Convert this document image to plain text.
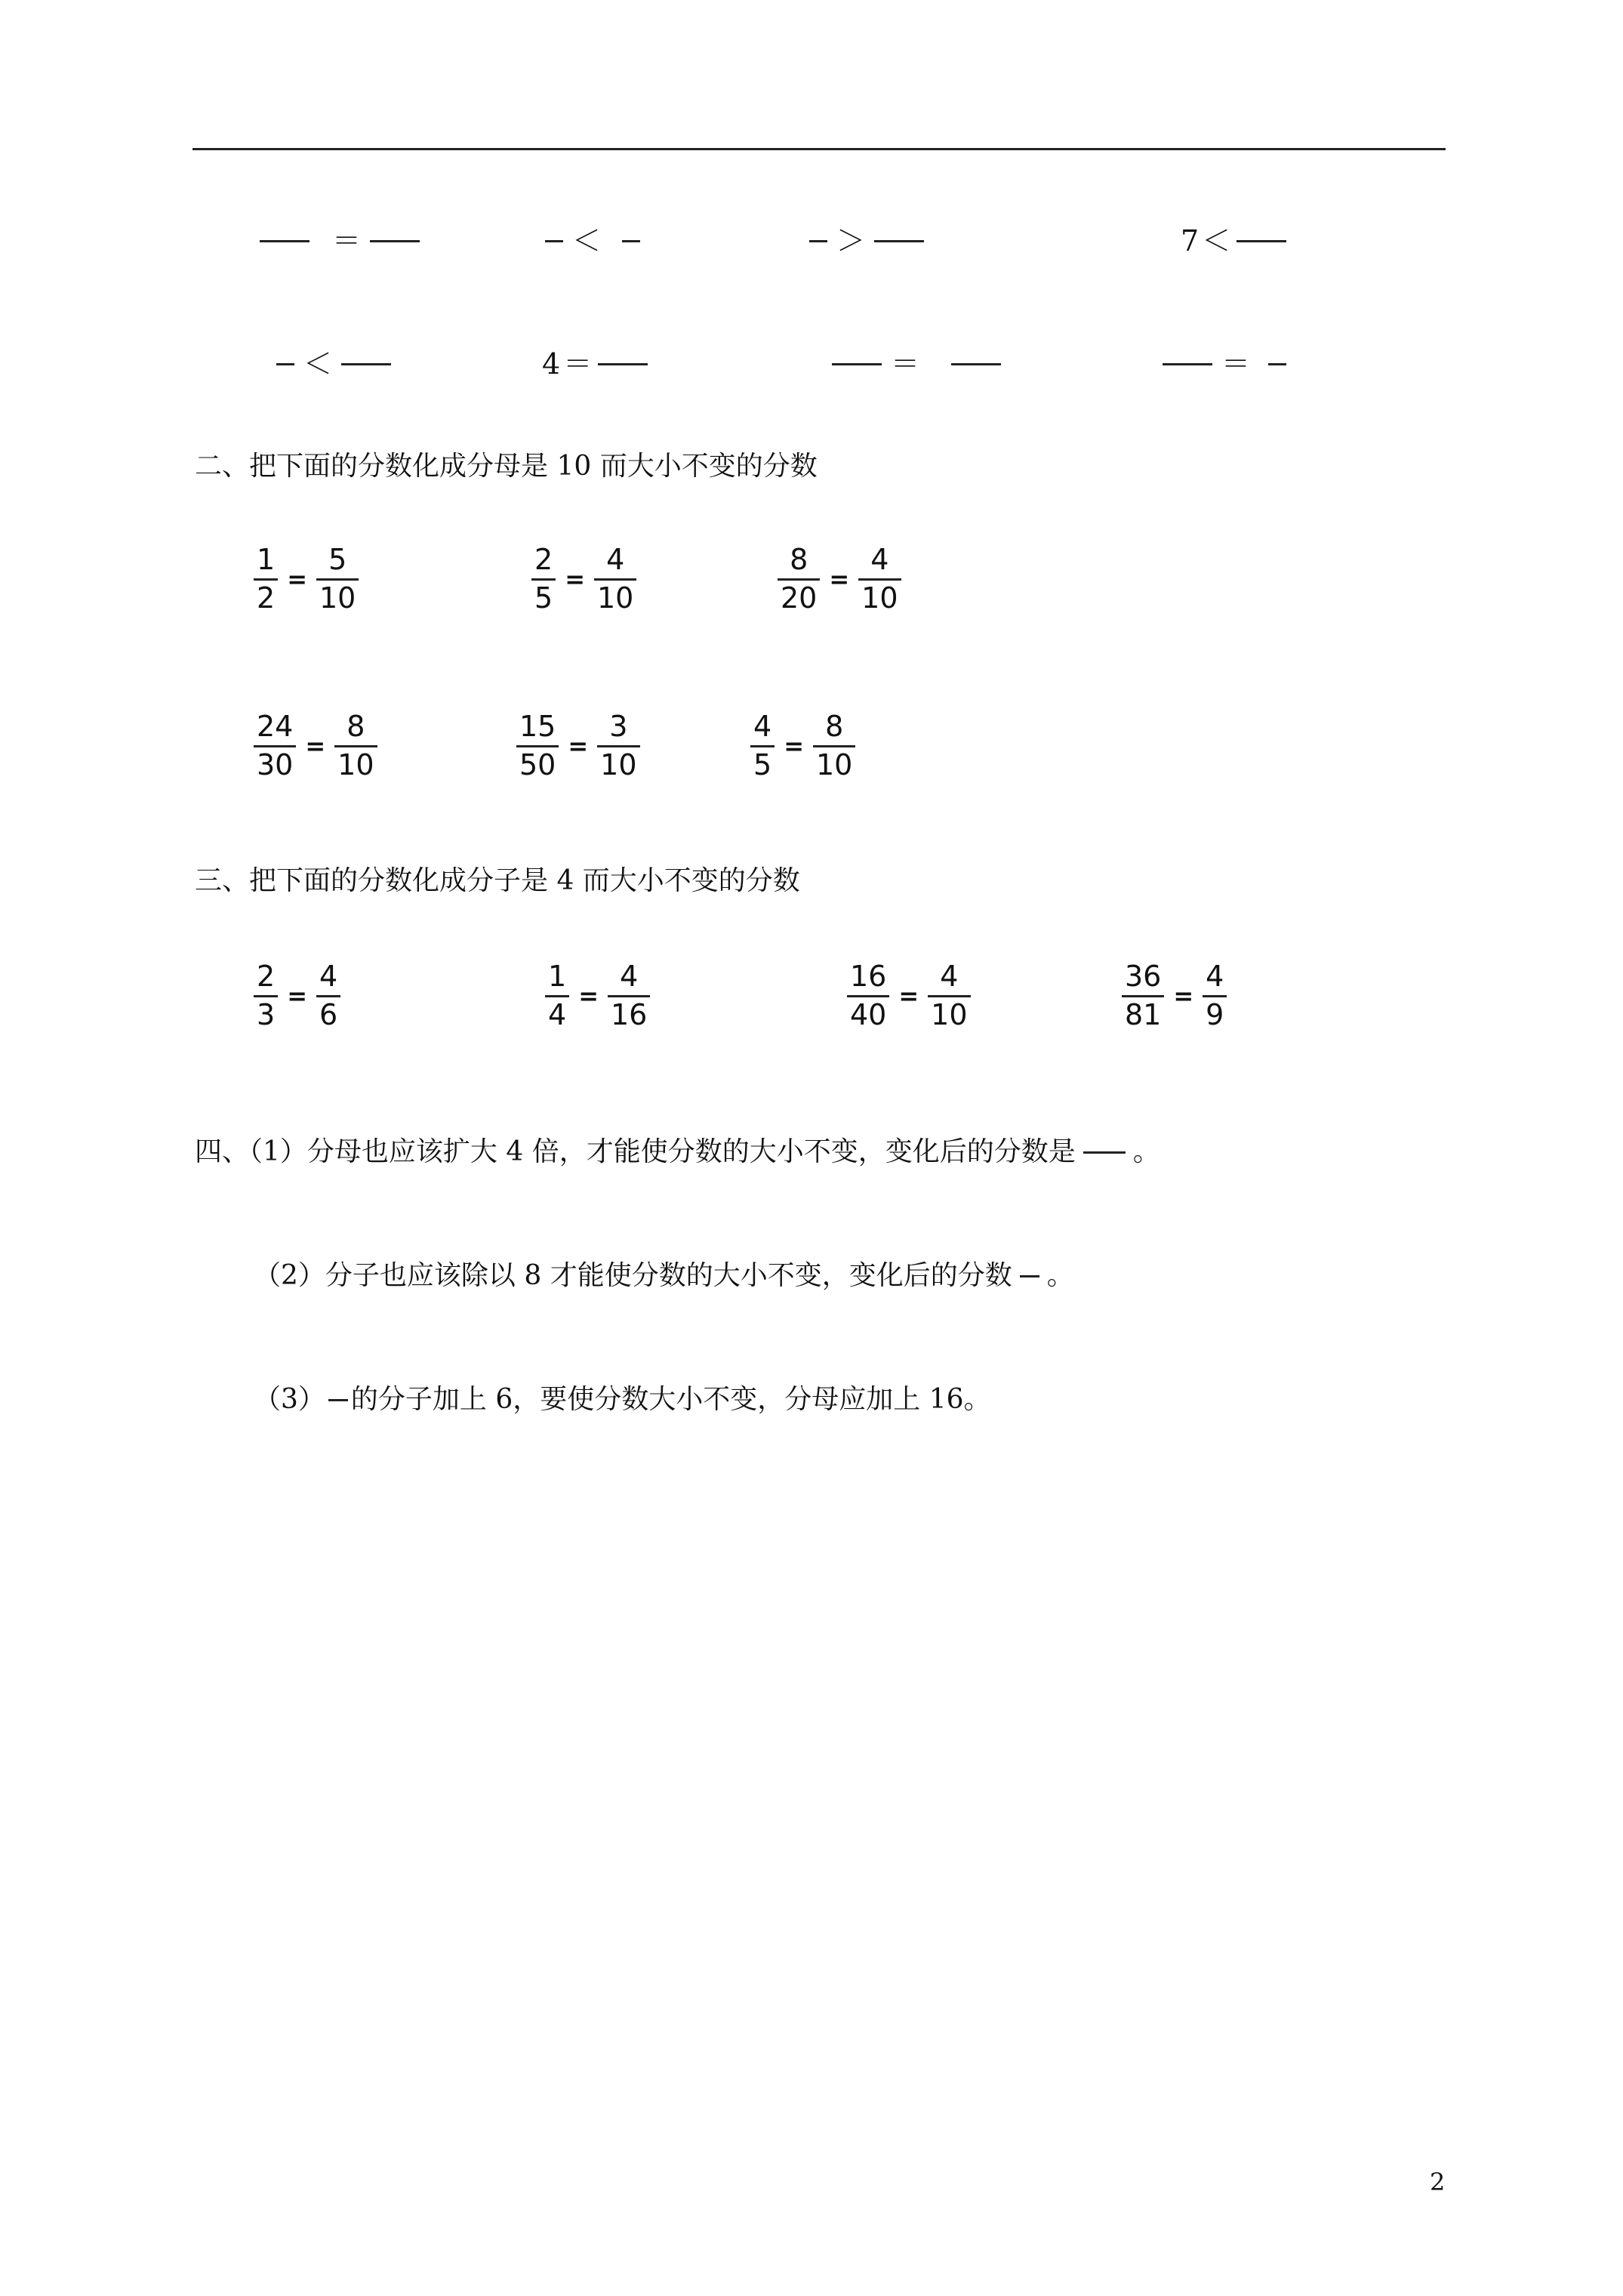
＝	＜	＞	7 ＜
＜	4 ＝	＝	＝
二、把下面的分数化成分母是 10 而大小不变的分数
$\frac{1}{2} = \frac{5}{10}$	$\frac{2}{5} = \frac{4}{10}$	$\frac{8}{20} = \frac{4}{10}$
$\frac{24}{30} = \frac{8}{10}$	$\frac{15}{50} = \frac{3}{10}$	$\frac{4}{5} = \frac{8}{10}$
三、把下面的分数化成分子是 4 而大小不变的分数
$\frac{2}{3} = \frac{4}{6}$	$\frac{1}{4} = \frac{4}{16}$	$\frac{16}{40} = \frac{4}{10}$	$\frac{36}{81} = \frac{4}{9}$
四、（1）分母也应该扩大 4 倍，才能使分数的大小不变，变化后的分数是 。
（2）分子也应该除以 8 才能使分数的大小不变，变化后的分数 。
（3） 的分子加上 6，要使分数大小不变，分母应加上 16。
2
